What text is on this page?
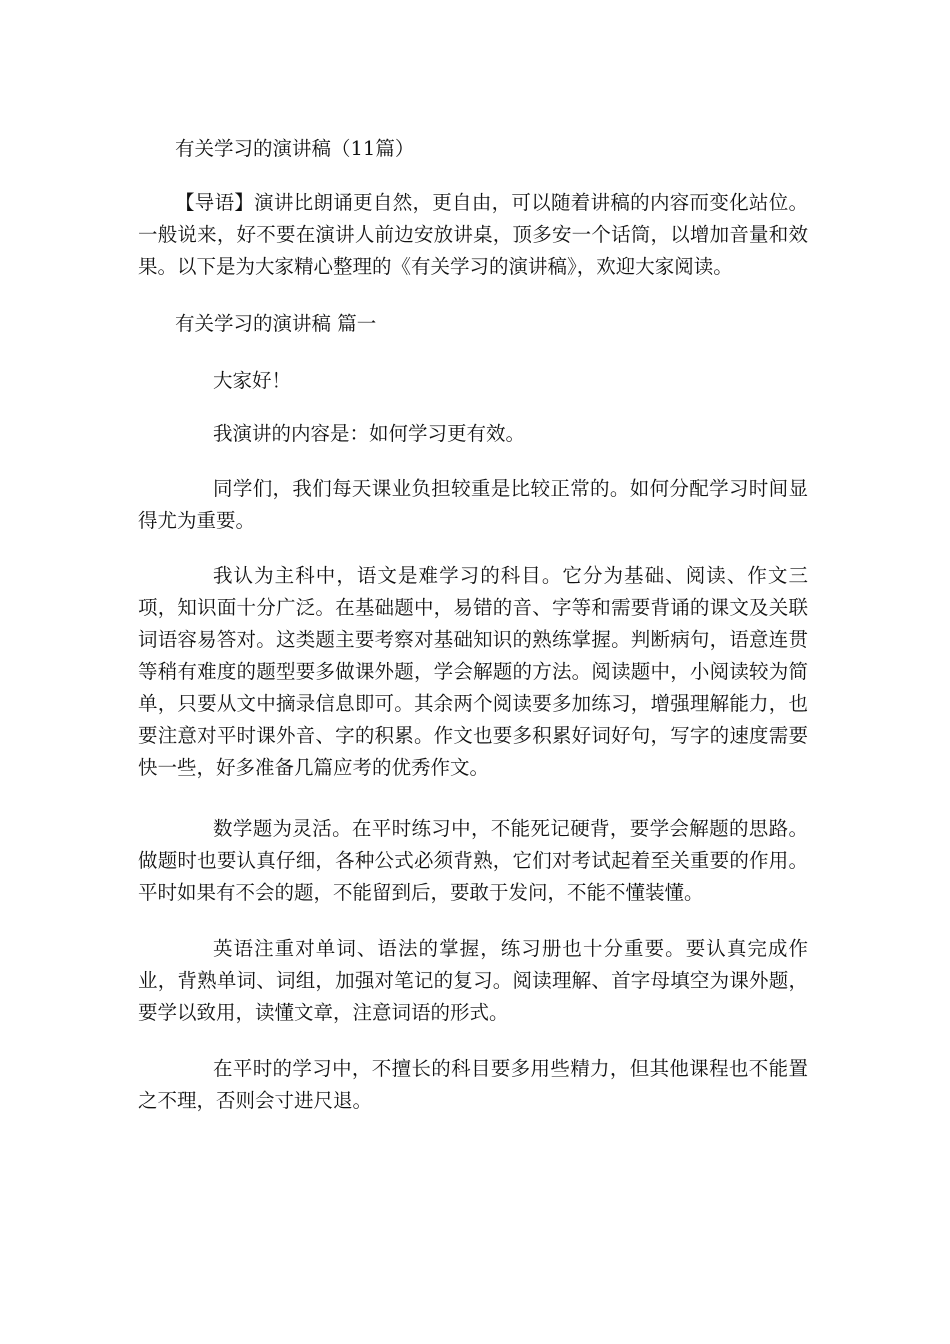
有关学习的演讲稿（11篇）

【导语】演讲比朗诵更自然，更自由，可以随着讲稿的内容而变化站位。一般说来，好不要在演讲人前边安放讲桌，顶多安一个话筒，以增加音量和效果。以下是为大家精心整理的《有关学习的演讲稿》，欢迎大家阅读。

有关学习的演讲稿 篇一

大家好！

我演讲的内容是：如何学习更有效。

同学们，我们每天课业负担较重是比较正常的。如何分配学习时间显得尤为重要。

我认为主科中，语文是难学习的科目。它分为基础、阅读、作文三项，知识面十分广泛。在基础题中，易错的音、字等和需要背诵的课文及关联词语容易答对。这类题主要考察对基础知识的熟练掌握。判断病句，语意连贯等稍有难度的题型要多做课外题，学会解题的方法。阅读题中，小阅读较为简单，只要从文中摘录信息即可。其余两个阅读要多加练习，增强理解能力，也要注意对平时课外音、字的积累。作文也要多积累好词好句，写字的速度需要快一些，好多准备几篇应考的优秀作文。

数学题为灵活。在平时练习中，不能死记硬背，要学会解题的思路。做题时也要认真仔细，各种公式必须背熟，它们对考试起着至关重要的作用。平时如果有不会的题，不能留到后，要敢于发问，不能不懂装懂。

英语注重对单词、语法的掌握，练习册也十分重要。要认真完成作业，背熟单词、词组，加强对笔记的复习。阅读理解、首字母填空为课外题，要学以致用，读懂文章，注意词语的形式。

在平时的学习中，不擅长的科目要多用些精力，但其他课程也不能置之不理，否则会寸进尺退。
